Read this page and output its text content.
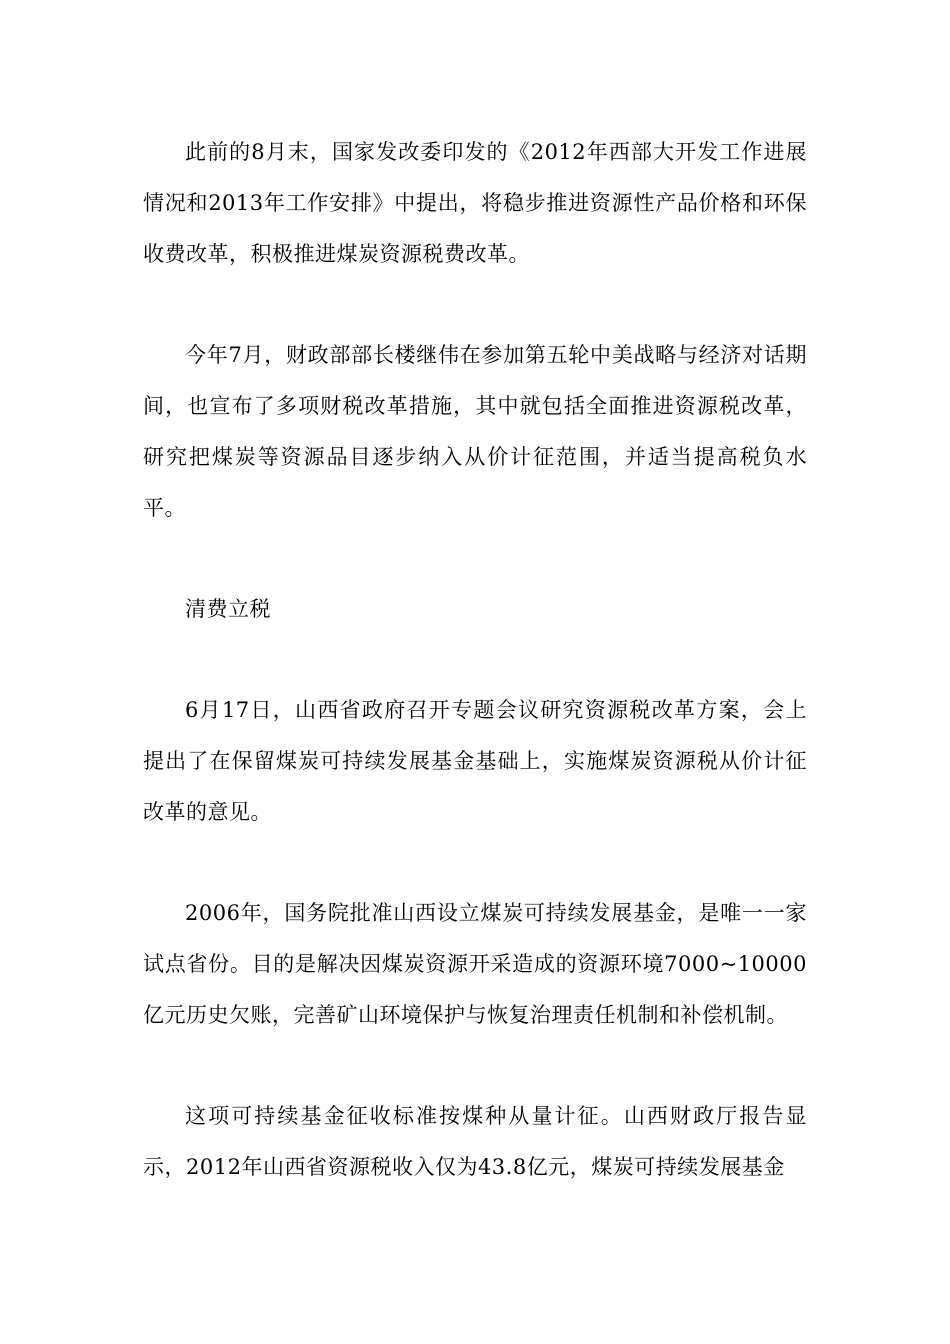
此前的8月末，国家发改委印发的《2012年西部大开发工作进展情况和2013年工作安排》中提出，将稳步推进资源性产品价格和环保收费改革，积极推进煤炭资源税费改革。

今年7月，财政部部长楼继伟在参加第五轮中美战略与经济对话期间，也宣布了多项财税改革措施，其中就包括全面推进资源税改革，研究把煤炭等资源品目逐步纳入从价计征范围，并适当提高税负水平。

清费立税

6月17日，山西省政府召开专题会议研究资源税改革方案，会上提出了在保留煤炭可持续发展基金基础上，实施煤炭资源税从价计征改革的意见。

2006年，国务院批准山西设立煤炭可持续发展基金，是唯一一家试点省份。目的是解决因煤炭资源开采造成的资源环境7000~10000亿元历史欠账，完善矿山环境保护与恢复治理责任机制和补偿机制。

这项可持续基金征收标准按煤种从量计征。山西财政厅报告显示，2012年山西省资源税收入仅为43.8亿元，煤炭可持续发展基金
